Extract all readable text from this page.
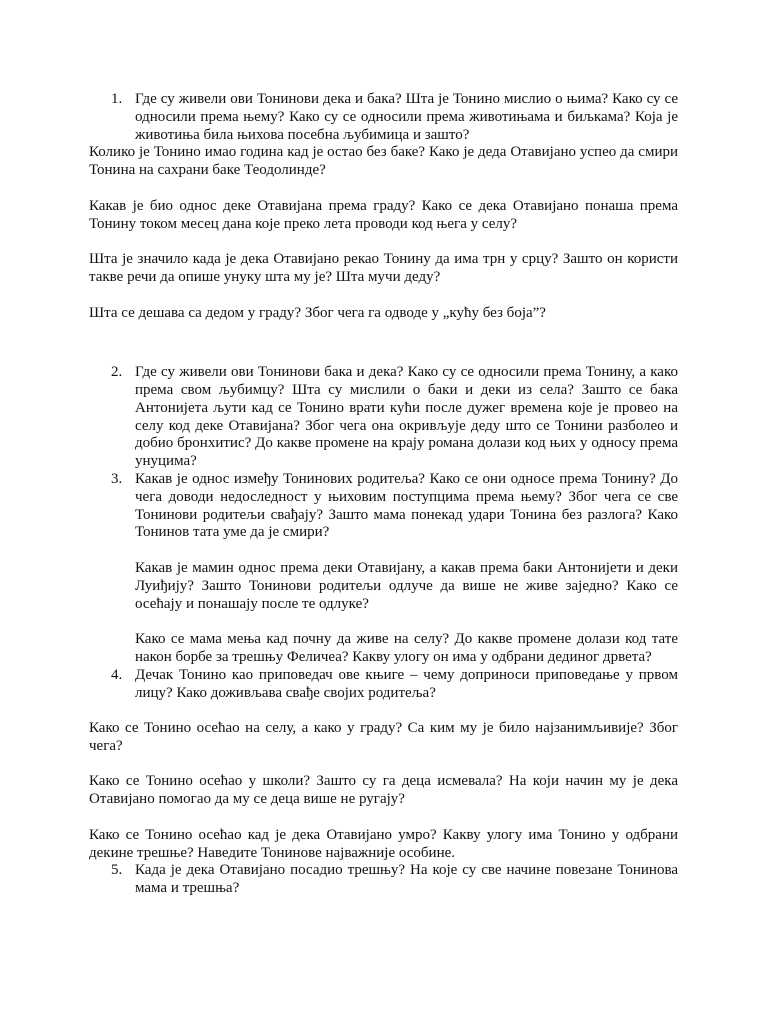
1. Где су живели ови Тонинови дека и бака? Шта је Тонино мислио о њима? Како су се односили према њему? Како су се односили према животињама и биљкама? Која је животиња била њихова посебна љубимица и зашто?

Колико је Тонино имао година кад је остао без баке? Како је деда Отавијано успео да смири Тонина на сахрани баке Теодолинде?

Какав је био однос деке Отавијана према граду? Како се дека Отавијано понаша према Тонину током месец дана које преко лета проводи код њега у селу?

Шта је значило када је дека Отавијано рекао Тонину да има трн у срцу? Зашто он користи такве речи да опише унуку шта му је? Шта мучи деду?

Шта се дешава са дедом у граду? Због чега га одводе у „кућу без боја”?

2. Где су живели ови Тонинови бака и дека? Како су се односили према Тонину, а како према свом љубимцу? Шта су мислили о баки и деки из села? Зашто се бака Антонијета љути кад се Тонино врати кући после дужег времена које је провео на селу код деке Отавијана? Због чега она окривљује деду што се Тонини разболео и добио бронхитис? До какве промене на крају романа долази код њих у односу према унуцима?
3. Какав је однос између Тонинових родитеља? Како се они односе према Тонину? До чега доводи недоследност у њиховим поступцима према њему? Због чега се све Тонинови родитељи свађају? Зашто мама понекад удари Тонина без разлога? Како Тонинов тата уме да је смири?

Какав је мамин однос према деки Отавијану, а какав према баки Антонијети и деки Луиђију? Зашто Тонинови родитељи одлуче да више не живе заједно? Како се осећају и понашају после те одлуке?

Како се мама мења кад почну да живе на селу? До какве промене долази код тате након борбе за трешњу Феличеа? Какву улогу он има у одбрани дединог дрвета?

4. Дечак Тонино као приповедач ове књиге – чему доприноси приповедање у првом лицу? Како доживљава свађе својих родитеља?

Како се Тонино осећао на селу, а како у граду? Са ким му је било најзанимљивије? Због чега?

Како се Тонино осећао у школи? Зашто су га деца исмевала? На који начин му је дека Отавијано помогао да му се деца више не ругају?

Како се Тонино осећао кад је дека Отавијано умро? Какву улогу има Тонино у одбрани декине трешње? Наведите Тонинове најважније особине.

5. Када је дека Отавијано посадио трешњу? На које су све начине повезане Тонинова мама и трешња?
